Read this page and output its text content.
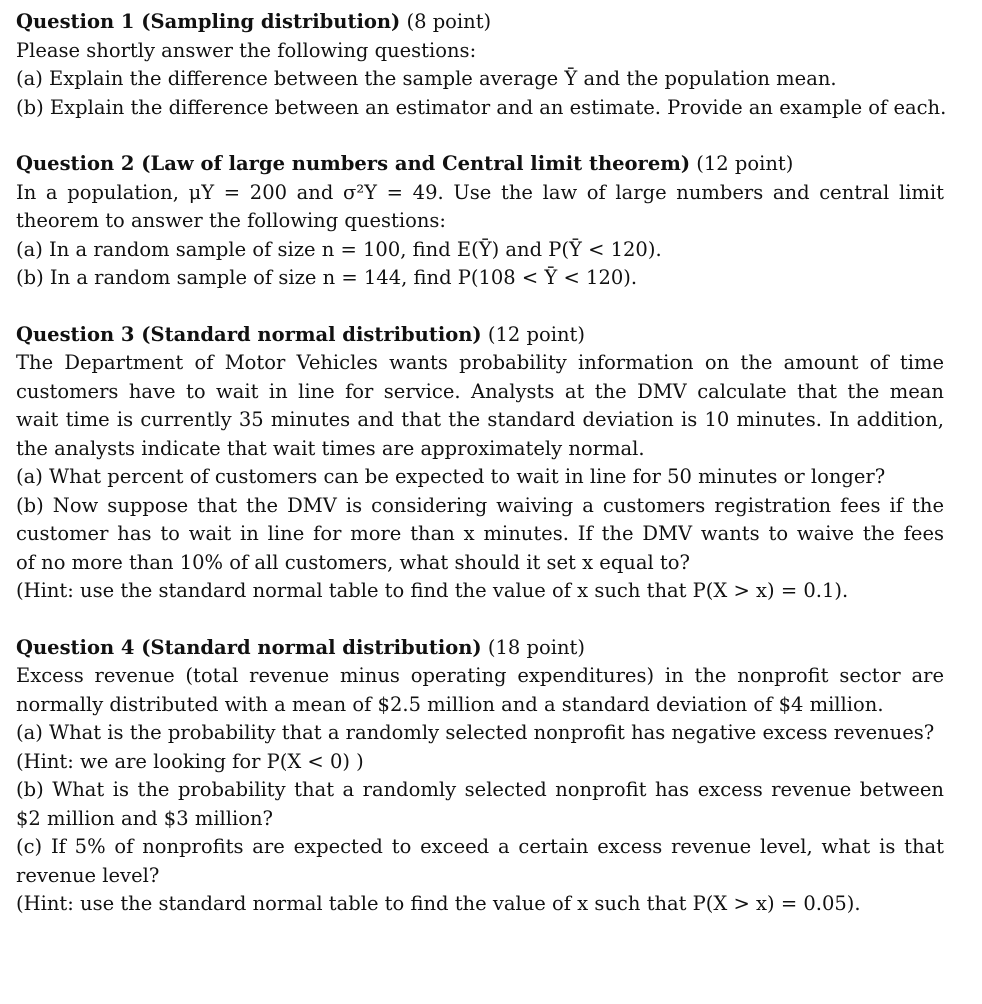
Question 1 (Sampling distribution) (8 point)
Please shortly answer the following questions:
(a) Explain the difference between the sample average Ȳ and the population mean.
(b) Explain the difference between an estimator and an estimate. Provide an example of each.
Question 2 (Law of large numbers and Central limit theorem) (12 point)
In a population, μY = 200 and σ²Y = 49. Use the law of large numbers and central limit
theorem to answer the following questions:
(a) In a random sample of size n = 100, find E(Ȳ) and P(Ȳ < 120).
(b) In a random sample of size n = 144, find P(108 < Ȳ < 120).
Question 3 (Standard normal distribution) (12 point)
The Department of Motor Vehicles wants probability information on the amount of time
customers have to wait in line for service. Analysts at the DMV calculate that the mean
wait time is currently 35 minutes and that the standard deviation is 10 minutes. In addition,
the analysts indicate that wait times are approximately normal.
(a) What percent of customers can be expected to wait in line for 50 minutes or longer?
(b) Now suppose that the DMV is considering waiving a customers registration fees if the
customer has to wait in line for more than x minutes. If the DMV wants to waive the fees
of no more than 10% of all customers, what should it set x equal to?
(Hint: use the standard normal table to find the value of x such that P(X > x) = 0.1).
Question 4 (Standard normal distribution) (18 point)
Excess revenue (total revenue minus operating expenditures) in the nonprofit sector are
normally distributed with a mean of $2.5 million and a standard deviation of $4 million.
(a) What is the probability that a randomly selected nonprofit has negative excess revenues?
(Hint: we are looking for P(X < 0) )
(b) What is the probability that a randomly selected nonprofit has excess revenue between
$2 million and $3 million?
(c) If 5% of nonprofits are expected to exceed a certain excess revenue level, what is that
revenue level?
(Hint: use the standard normal table to find the value of x such that P(X > x) = 0.05).
